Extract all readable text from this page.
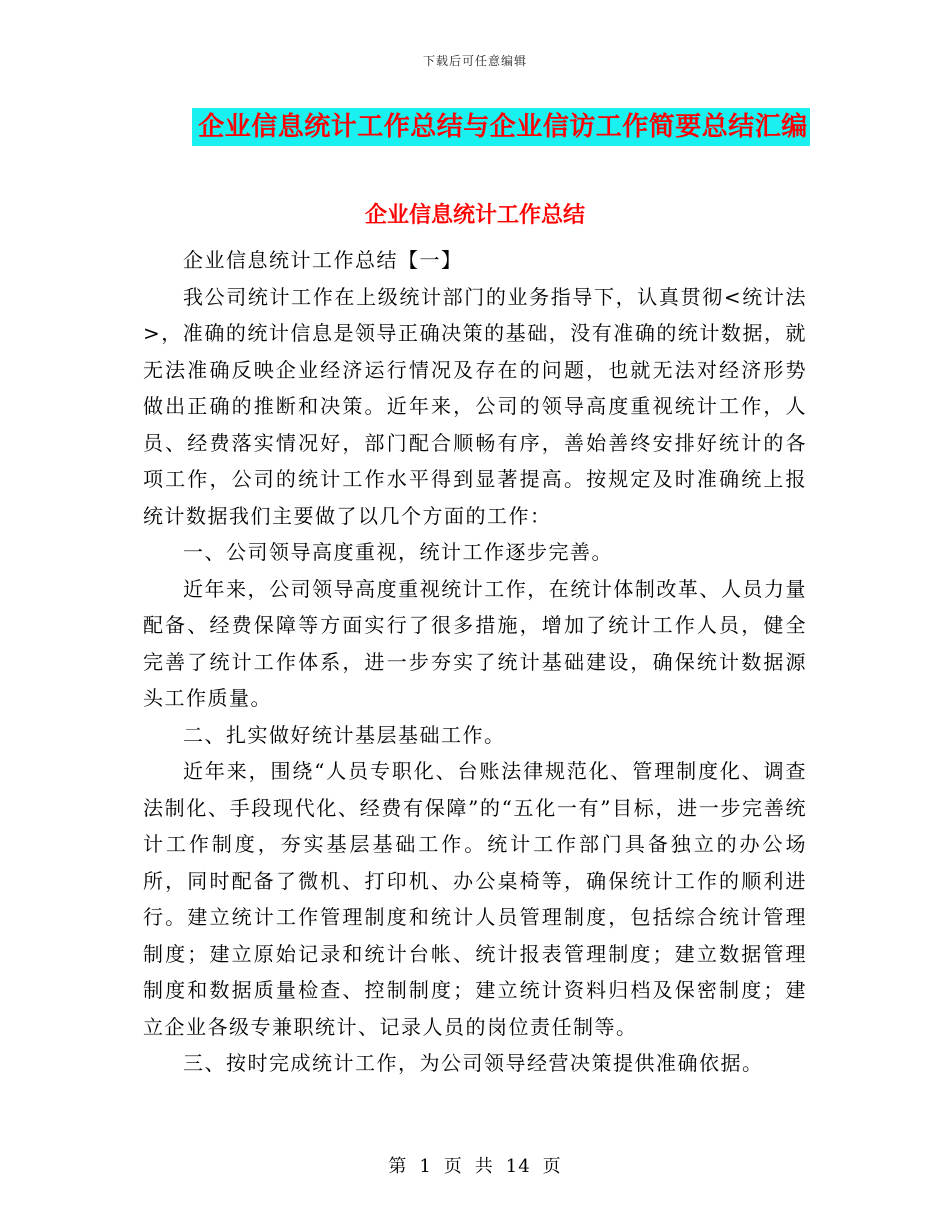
下载后可任意编辑
企业信息统计工作总结与企业信访工作简要总结汇编
企业信息统计工作总结

企业信息统计工作总结【一】

我公司统计工作在上级统计部门的业务指导下，认真贯彻<统计法>，准确的统计信息是领导正确决策的基础，没有准确的统计数据，就无法准确反映企业经济运行情况及存在的问题，也就无法对经济形势做出正确的推断和决策。近年来，公司的领导高度重视统计工作，人员、经费落实情况好，部门配合顺畅有序，善始善终安排好统计的各项工作，公司的统计工作水平得到显著提高。按规定及时准确统上报统计数据我们主要做了以几个方面的工作：

一、公司领导高度重视，统计工作逐步完善。

近年来，公司领导高度重视统计工作，在统计体制改革、人员力量配备、经费保障等方面实行了很多措施，增加了统计工作人员，健全完善了统计工作体系，进一步夯实了统计基础建设，确保统计数据源头工作质量。

二、扎实做好统计基层基础工作。

近年来，围绕“人员专职化、台账法律规范化、管理制度化、调查法制化、手段现代化、经费有保障”的“五化一有”目标，进一步完善统计工作制度，夯实基层基础工作。统计工作部门具备独立的办公场所，同时配备了微机、打印机、办公桌椅等，确保统计工作的顺利进行。建立统计工作管理制度和统计人员管理制度，包括综合统计管理制度；建立原始记录和统计台帐、统计报表管理制度；建立数据管理制度和数据质量检查、控制制度；建立统计资料归档及保密制度；建立企业各级专兼职统计、记录人员的岗位责任制等。

三、按时完成统计工作，为公司领导经营决策提供准确依据。

第 1 页 共 14 页
